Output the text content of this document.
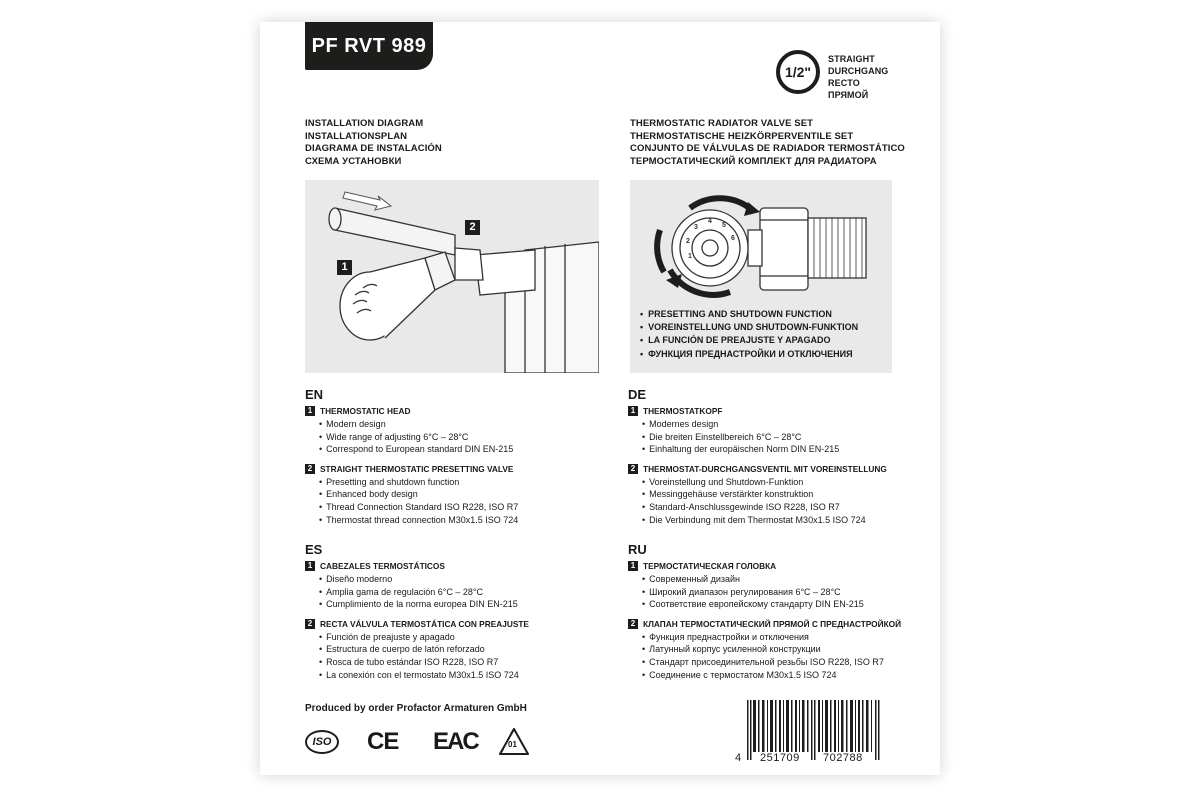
PF RVT 989
1/2"
STRAIGHT
DURCHGANG
RECTO
ПРЯМОЙ
INSTALLATION DIAGRAM
INSTALLATIONSPLAN
DIAGRAMA DE INSTALACIÓN
СХЕМА УСТАНОВКИ
THERMOSTATIC RADIATOR VALVE SET
THERMOSTATISCHE HEIZKÖRPERVENTILE SET
CONJUNTO DE VÁLVULAS DE RADIADOR TERMOSTÁTICO
ТЕРМОСТАТИЧЕСКИЙ КОМПЛЕКТ ДЛЯ РАДИАТОРА
1
2
1
2
3
4
5
6
• PRESETTING AND SHUTDOWN FUNCTION
• VOREINSTELLUNG UND SHUTDOWN-FUNKTION
• LA FUNCIÓN DE PREAJUSTE Y APAGADO
• ФУНКЦИЯ ПРЕДНАСТРОЙКИ И ОТКЛЮЧЕНИЯ
EN
1 THERMOSTATIC HEAD
• Modern design
• Wide range of adjusting 6°C – 28°C
• Correspond to European standard DIN EN-215
2 STRAIGHT THERMOSTATIC PRESETTING VALVE
• Presetting and shutdown function
• Enhanced body design
• Thread Connection Standard ISO R228, ISO R7
• Thermostat thread connection M30x1.5 ISO 724
DE
1 THERMOSTATKOPF
• Modernes design
• Die breiten Einstellbereich 6°C – 28°C
• Einhaltung der europäischen Norm DIN EN-215
2 THERMOSTAT-DURCHGANGSVENTIL MIT VOREINSTELLUNG
• Voreinstellung und Shutdown-Funktion
• Messinggehäuse verstärkter konstruktion
• Standard-Anschlussgewinde ISO R228, ISO R7
• Die Verbindung mit dem Thermostat M30x1.5 ISO 724
ES
1 CABEZALES TERMOSTÁTICOS
• Diseño moderno
• Amplia gama de regulación 6°C – 28°C
• Cumplimiento de la norma europea DIN EN-215
2 RECTA VÁLVULA TERMOSTÁTICA CON PREAJUSTE
• Función de preajuste y apagado
• Estructura de cuerpo de latón reforzado
• Rosca de tubo estándar ISO R228, ISO R7
• La conexión con el termostato M30x1.5 ISO 724
RU
1 ТЕРМОСТАТИЧЕСКАЯ ГОЛОВКА
• Современный дизайн
• Широкий диапазон регулирования 6°C – 28°C
• Соответствие европейскому стандарту DIN EN-215
2 КЛАПАН ТЕРМОСТАТИЧЕСКИЙ ПРЯМОЙ С ПРЕДНАСТРОЙКОЙ
• Функция преднастройки и отключения
• Латунный корпус усиленной конструкции
• Стандарт присоединительной резьбы ISO R228, ISO R7
• Соединение с термостатом M30x1.5 ISO 724
Produced by order Profactor Armaturen GmbH
ISO	CE EAC	01
4 251709 702788
